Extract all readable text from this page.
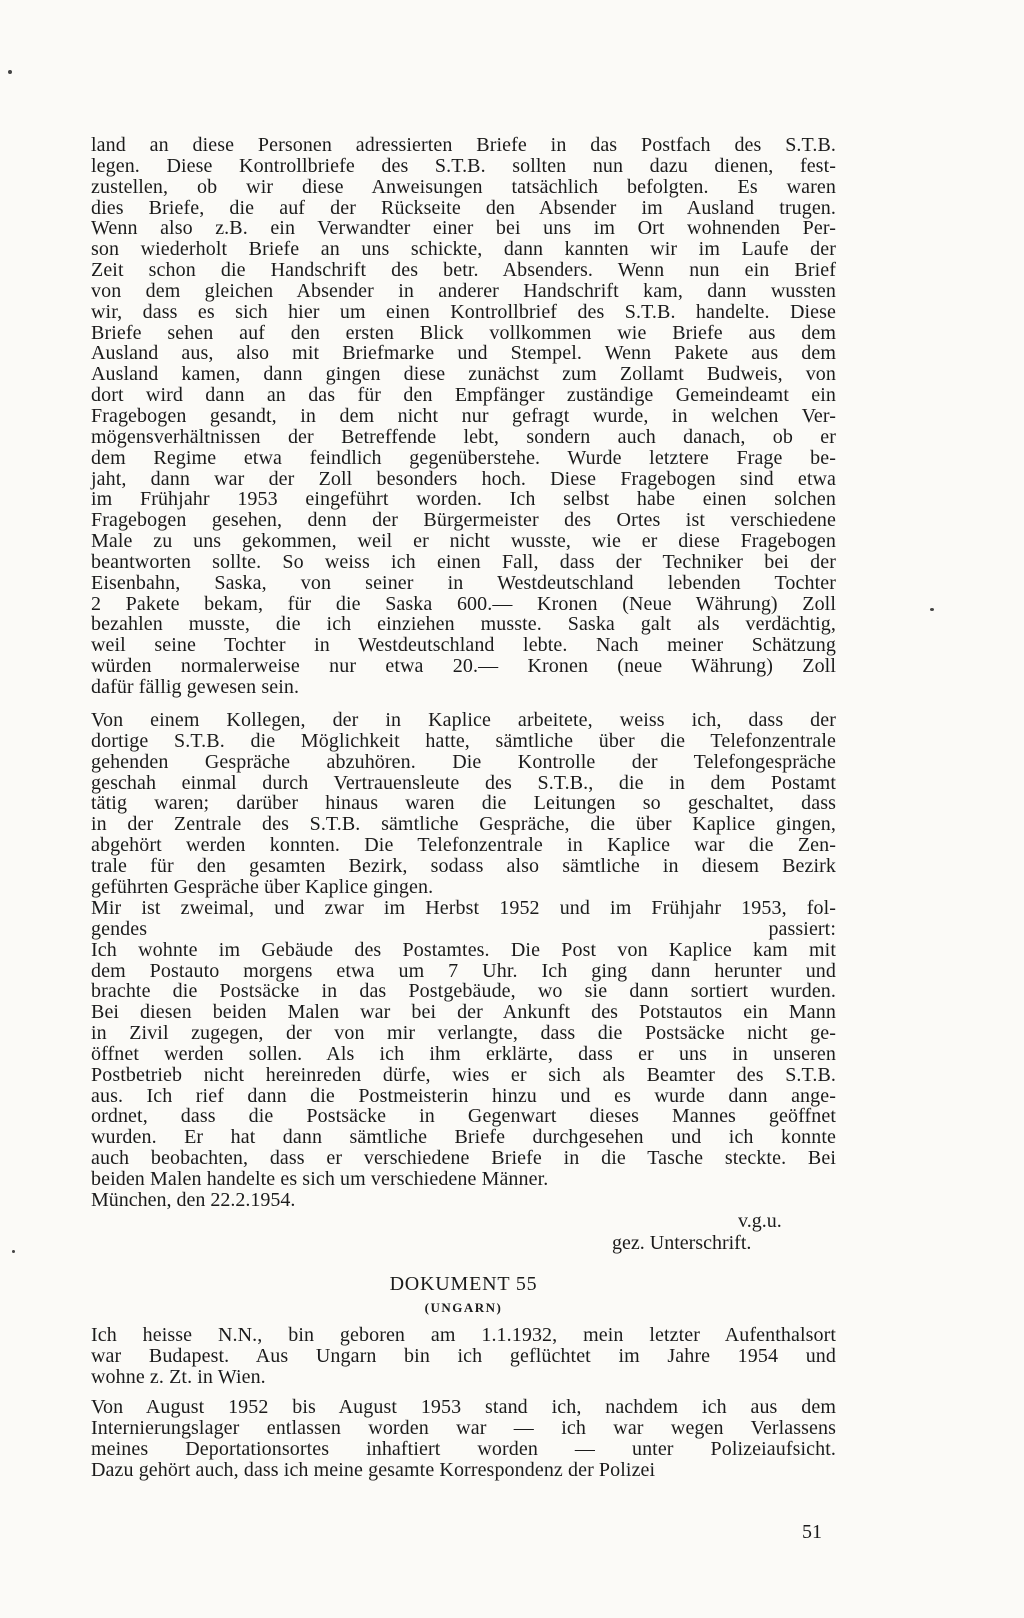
land an diese Personen adressierten Briefe in das Postfach des S.T.B.
legen. Diese Kontrollbriefe des S.T.B. sollten nun dazu dienen, fest-
zustellen, ob wir diese Anweisungen tatsächlich befolgten. Es waren
dies Briefe, die auf der Rückseite den Absender im Ausland trugen.
Wenn also z.B. ein Verwandter einer bei uns im Ort wohnenden Per-
son wiederholt Briefe an uns schickte, dann kannten wir im Laufe der
Zeit schon die Handschrift des betr. Absenders. Wenn nun ein Brief
von dem gleichen Absender in anderer Handschrift kam, dann wussten
wir, dass es sich hier um einen Kontrollbrief des S.T.B. handelte. Diese
Briefe sehen auf den ersten Blick vollkommen wie Briefe aus dem
Ausland aus, also mit Briefmarke und Stempel. Wenn Pakete aus dem
Ausland kamen, dann gingen diese zunächst zum Zollamt Budweis, von
dort wird dann an das für den Empfänger zuständige Gemeindeamt ein
Fragebogen gesandt, in dem nicht nur gefragt wurde, in welchen Ver-
mögensverhältnissen der Betreffende lebt, sondern auch danach, ob er
dem Regime etwa feindlich gegenüberstehe. Wurde letztere Frage be-
jaht, dann war der Zoll besonders hoch. Diese Fragebogen sind etwa
im Frühjahr 1953 eingeführt worden. Ich selbst habe einen solchen
Fragebogen gesehen, denn der Bürgermeister des Ortes ist verschiedene
Male zu uns gekommen, weil er nicht wusste, wie er diese Fragebogen
beantworten sollte. So weiss ich einen Fall, dass der Techniker bei der
Eisenbahn, Saska, von seiner in Westdeutschland lebenden Tochter
2 Pakete bekam, für die Saska 600.— Kronen (Neue Währung) Zoll
bezahlen musste, die ich einziehen musste. Saska galt als verdächtig,
weil seine Tochter in Westdeutschland lebte. Nach meiner Schätzung
würden normalerweise nur etwa 20.— Kronen (neue Währung) Zoll
dafür fällig gewesen sein.
Von einem Kollegen, der in Kaplice arbeitete, weiss ich, dass der
dortige S.T.B. die Möglichkeit hatte, sämtliche über die Telefonzentrale
gehenden Gespräche abzuhören. Die Kontrolle der Telefongespräche
geschah einmal durch Vertrauensleute des S.T.B., die in dem Postamt
tätig waren; darüber hinaus waren die Leitungen so geschaltet, dass
in der Zentrale des S.T.B. sämtliche Gespräche, die über Kaplice gingen,
abgehört werden konnten. Die Telefonzentrale in Kaplice war die Zen-
trale für den gesamten Bezirk, sodass also sämtliche in diesem Bezirk
geführten Gespräche über Kaplice gingen.
Mir ist zweimal, und zwar im Herbst 1952 und im Frühjahr 1953, fol-
gendes passiert:
Ich wohnte im Gebäude des Postamtes. Die Post von Kaplice kam mit
dem Postauto morgens etwa um 7 Uhr. Ich ging dann herunter und
brachte die Postsäcke in das Postgebäude, wo sie dann sortiert wurden.
Bei diesen beiden Malen war bei der Ankunft des Potstautos ein Mann
in Zivil zugegen, der von mir verlangte, dass die Postsäcke nicht ge-
öffnet werden sollen. Als ich ihm erklärte, dass er uns in unseren
Postbetrieb nicht hereinreden dürfe, wies er sich als Beamter des S.T.B.
aus. Ich rief dann die Postmeisterin hinzu und es wurde dann ange-
ordnet, dass die Postsäcke in Gegenwart dieses Mannes geöffnet
wurden. Er hat dann sämtliche Briefe durchgesehen und ich konnte
auch beobachten, dass er verschiedene Briefe in die Tasche steckte. Bei
beiden Malen handelte es sich um verschiedene Männer.
München, den 22.2.1954.
v.g.u.
gez. Unterschrift.
DOKUMENT 55
(UNGARN)
Ich heisse N.N., bin geboren am 1.1.1932, mein letzter Aufenthalsort
war Budapest. Aus Ungarn bin ich geflüchtet im Jahre 1954 und
wohne z. Zt. in Wien.
Von August 1952 bis August 1953 stand ich, nachdem ich aus dem
Internierungslager entlassen worden war — ich war wegen Verlassens
meines Deportationsortes inhaftiert worden — unter Polizeiaufsicht.
Dazu gehört auch, dass ich meine gesamte Korrespondenz der Polizei
51
